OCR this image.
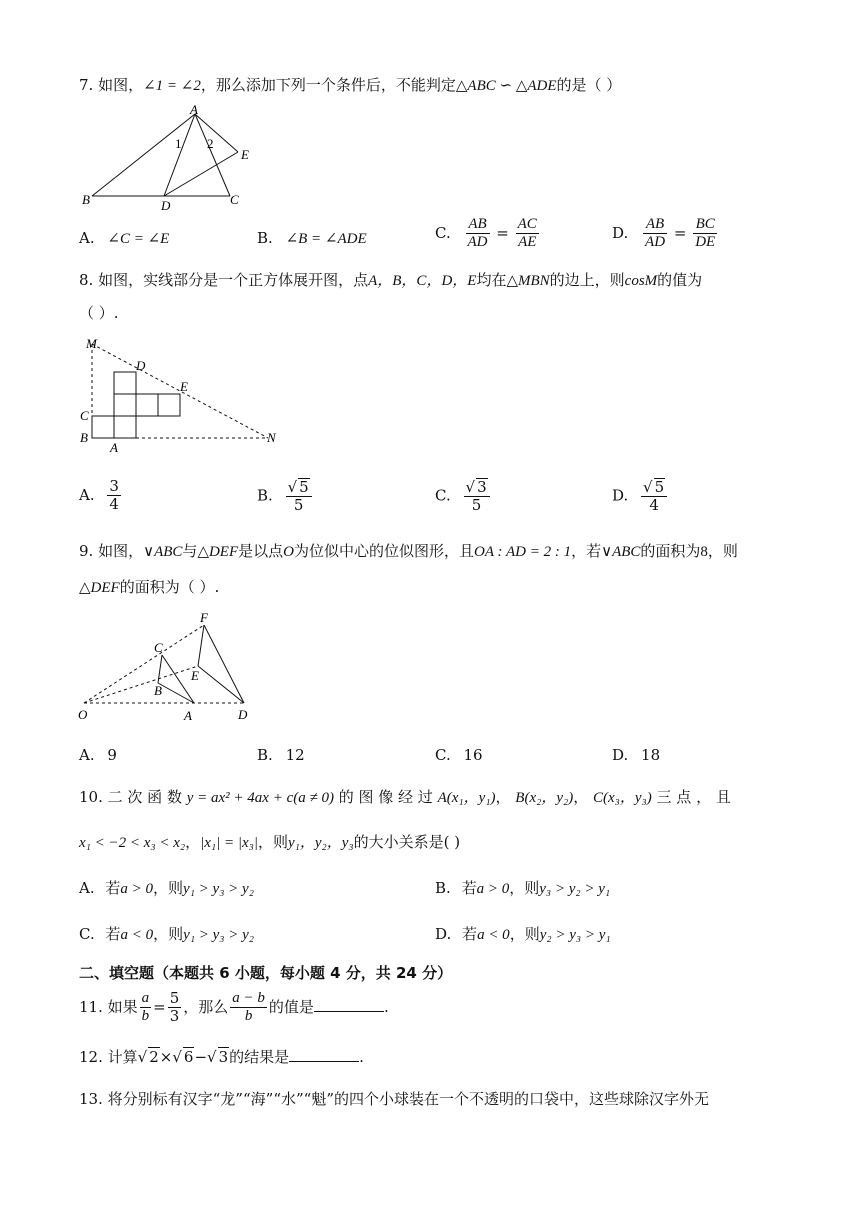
7. 如图，∠1 = ∠2，那么添加下列一个条件后，不能判定△ABC ∽ △ADE的是（ ）
A
B	C
D
E
1 2
A. ∠C = ∠E	B. ∠B = ∠ADE	C. $\frac{AB}{AD} = \frac{AC}{AE}$	D. $\frac{AB}{AD} = \frac{BC}{DE}$
8. 如图，实线部分是一个正方体展开图，点A，B，C，D，E均在△MBN的边上，则cosM的值为
（ ）.
M
D
E
C
B
A
N
A. $\frac{3}{4}$	B. $\frac{√ 5}{5}$	C. $\frac{√ 3}{5}$	D. $\frac{√ 5}{4}$
9. 如图，∨ABC与△DEF是以点O为位似中心的位似图形，且OA : AD = 2 : 1，若∨ABC的面积为8，则
△DEF的面积为（ ）.
F
C
E
B
O	A	D
A. 9	B. 12	C. 16	D. 18
10. 二 次 函 数 y = ax² + 4ax + c(a ≠ 0) 的 图 像 经 过 A(x₁，y₁)， B(x₂，y₂)， C(x₃，y₃) 三 点 ， 且
x₁ < −2 < x₃ < x₂，|x₁| = |x₃|，则y₁，y₂，y₃的大小关系是( )
A. 若a > 0，则y₁ > y₃ > y₂	B. 若a > 0，则y₃ > y₂ > y₁
C. 若a < 0，则y₁ > y₃ > y₂	D. 若a < 0，则y₂ > y₃ > y₁
二、填空题（本题共 6 小题，每小题 4 分，共 24 分）
11. 如果 $\frac{a}{b} = \frac{5}{3}$ ，那么 $\frac{a - b}{b}$ 的值是	.
12. 计算√ 2×√ 6−√ 3的结果是	.
13. 将分别标有汉字“龙”“海”“水”“魁”的四个小球装在一个不透明的口袋中，这些球除汉字外无
